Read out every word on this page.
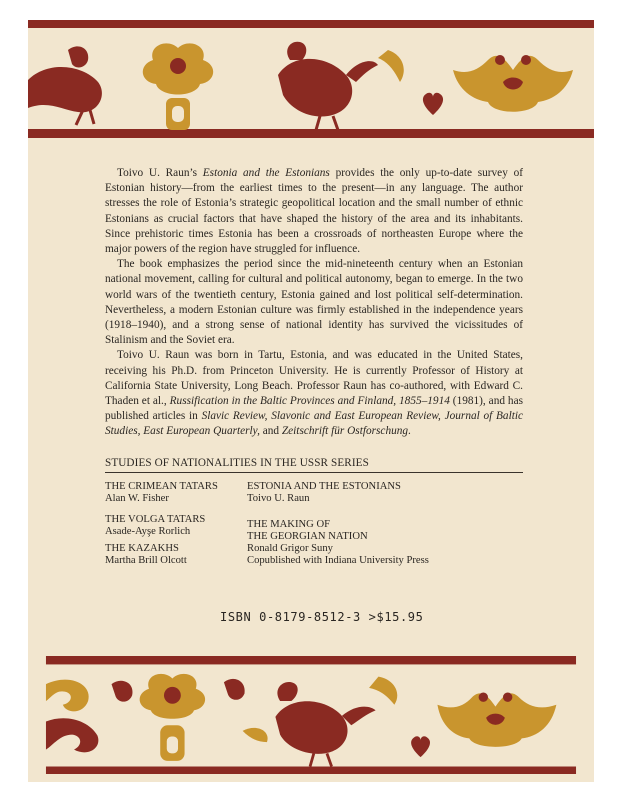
Toivo U. Raun’s Estonia and the Estonians provides the only up-to-date survey of Estonian history—from the earliest times to the present—in any language. The author stresses the role of Estonia’s strategic geopolitical location and the small number of ethnic Estonians as crucial factors that have shaped the history of the area and its inhabitants. Since prehistoric times Estonia has been a crossroads of northeasten Europe where the major powers of the region have struggled for influence.

The book emphasizes the period since the mid-nineteenth century when an Estonian national movement, calling for cultural and political autonomy, began to emerge. In the two world wars of the twentieth century, Estonia gained and lost political self-determination. Nevertheless, a modern Estonian culture was firmly established in the independence years (1918–1940), and a strong sense of national identity has survived the vicissitudes of Stalinism and the Soviet era.

Toivo U. Raun was born in Tartu, Estonia, and was educated in the United States, receiving his Ph.D. from Princeton University. He is currently Professor of History at California State University, Long Beach. Professor Raun has co-authored, with Edward C. Thaden et al., Russification in the Baltic Provinces and Finland, 1855–1914 (1981), and has published articles in Slavic Review, Slavonic and East European Review, Journal of Baltic Studies, East European Quarterly, and Zeitschrift für Ostforschung.

STUDIES OF NATIONALITIES IN THE USSR SERIES
THE CRIMEAN TATARS
Alan W. Fisher
THE VOLGA TATARS
Asade-Ayşe Rorlich
THE KAZAKHS
Martha Brill Olcott
ESTONIA AND THE ESTONIANS
Toivo U. Raun
THE MAKING OF
THE GEORGIAN NATION
Ronald Grigor Suny
Copublished with Indiana University Press
ISBN 0-8179-8512-3 >$15.95
